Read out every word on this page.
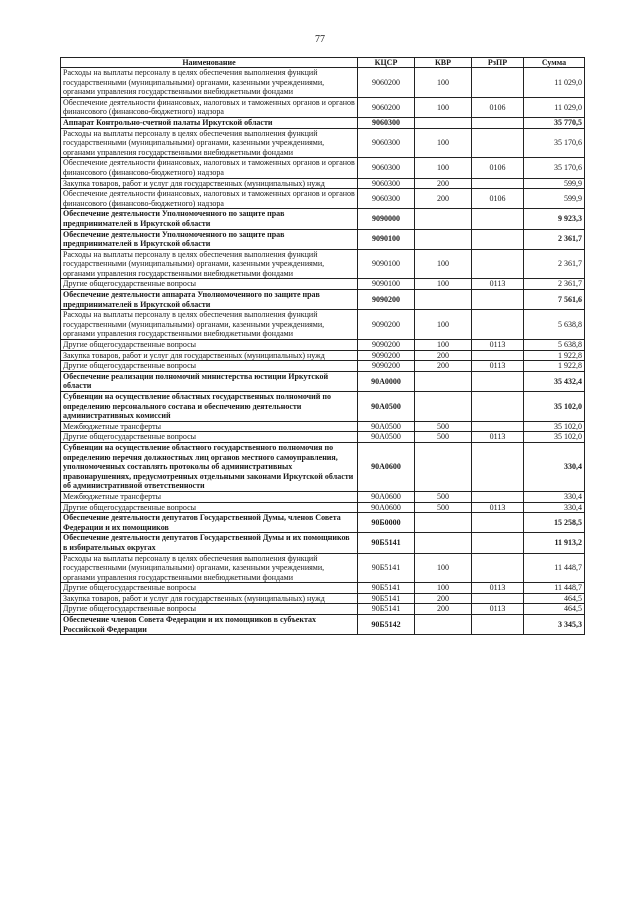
77
Наименование	КЦСР	КВР	РзПР	Сумма
Расходы на выплаты персоналу в целях обеспечения выполнения функций государственными (муниципальными) органами, казенными учреждениями, органами управления государственными внебюджетными фондами	9060200	100		11 029,0
Обеспечение деятельности финансовых, налоговых и таможенных органов и органов финансового (финансово-бюджетного) надзора	9060200	100	0106	11 029,0
Аппарат Контрольно-счетной палаты Иркутской области	9060300			35 770,5
Расходы на выплаты персоналу в целях обеспечения выполнения функций государственными (муниципальными) органами, казенными учреждениями, органами управления государственными внебюджетными фондами	9060300	100		35 170,6
Обеспечение деятельности финансовых, налоговых и таможенных органов и органов финансового (финансово-бюджетного) надзора	9060300	100	0106	35 170,6
Закупка товаров, работ и услуг для государственных (муниципальных) нужд	9060300	200		599,9
Обеспечение деятельности финансовых, налоговых и таможенных органов и органов финансового (финансово-бюджетного) надзора	9060300	200	0106	599,9
Обеспечение деятельности Уполномоченного по защите прав предпринимателей в Иркутской области	9090000			9 923,3
Обеспечение деятельности Уполномоченного по защите прав предпринимателей в Иркутской области	9090100			2 361,7
Расходы на выплаты персоналу в целях обеспечения выполнения функций государственными (муниципальными) органами, казенными учреждениями, органами управления государственными внебюджетными фондами	9090100	100		2 361,7
Другие общегосударственные вопросы	9090100	100	0113	2 361,7
Обеспечение деятельности аппарата Уполномоченного по защите прав предпринимателей в Иркутской области	9090200			7 561,6
Расходы на выплаты персоналу в целях обеспечения выполнения функций государственными (муниципальными) органами, казенными учреждениями, органами управления государственными внебюджетными фондами	9090200	100		5 638,8
Другие общегосударственные вопросы	9090200	100	0113	5 638,8
Закупка товаров, работ и услуг для государственных (муниципальных) нужд	9090200	200		1 922,8
Другие общегосударственные вопросы	9090200	200	0113	1 922,8
Обеспечение реализации полномочий министерства юстиции Иркутской области	90А0000			35 432,4
Субвенции на осуществление областных государственных полномочий по определению персонального состава и обеспечению деятельности административных комиссий	90А0500			35 102,0
Межбюджетные трансферты	90А0500	500		35 102,0
Другие общегосударственные вопросы	90А0500	500	0113	35 102,0
Субвенции на осуществление областного государственного полномочия по определению перечня должностных лиц органов местного самоуправления, уполномоченных составлять протоколы об административных правонарушениях, предусмотренных отдельными законами Иркутской области об административной ответственности	90А0600			330,4
Межбюджетные трансферты	90А0600	500		330,4
Другие общегосударственные вопросы	90А0600	500	0113	330,4
Обеспечение деятельности депутатов Государственной Думы, членов Совета Федерации и их помощников	90Б0000			15 258,5
Обеспечение деятельности депутатов Государственной Думы и их помощников в избирательных округах	90Б5141			11 913,2
Расходы на выплаты персоналу в целях обеспечения выполнения функций государственными (муниципальными) органами, казенными учреждениями, органами управления государственными внебюджетными фондами	90Б5141	100		11 448,7
Другие общегосударственные вопросы	90Б5141	100	0113	11 448,7
Закупка товаров, работ и услуг для государственных (муниципальных) нужд	90Б5141	200		464,5
Другие общегосударственные вопросы	90Б5141	200	0113	464,5
Обеспечение членов Совета Федерации и их помощников в субъектах Российской Федерации	90Б5142			3 345,3
